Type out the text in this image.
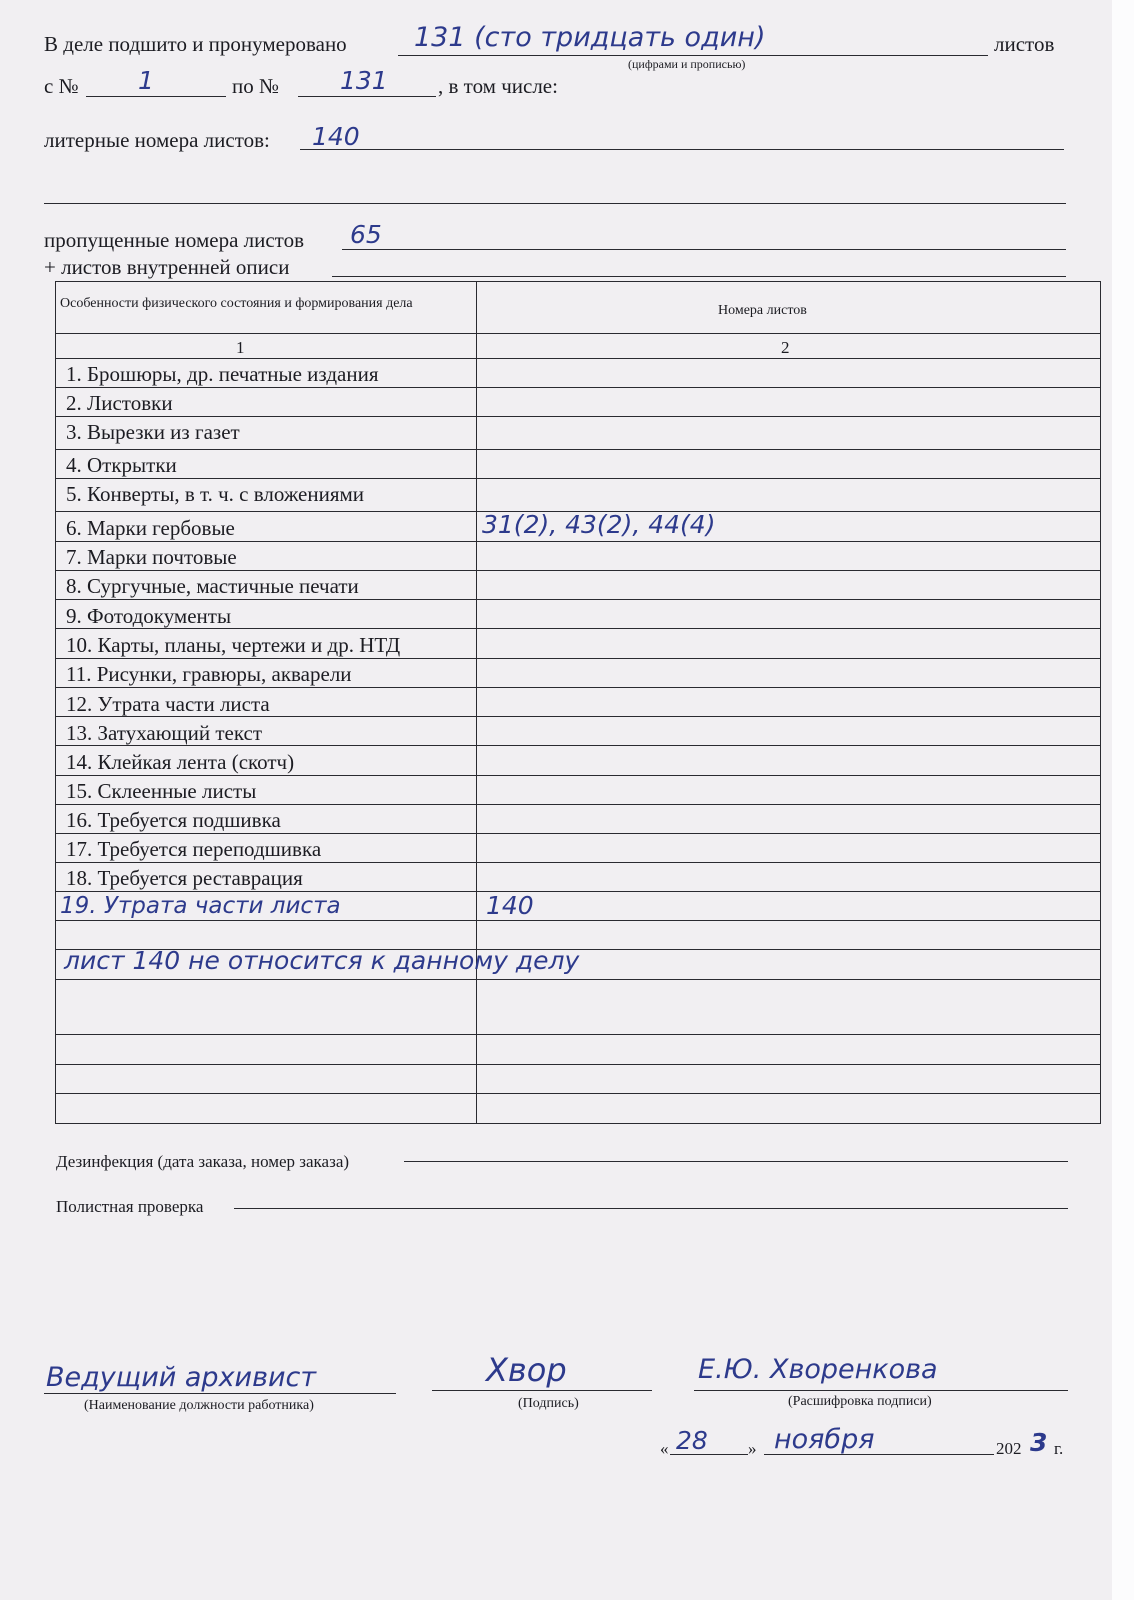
В деле подшито и пронумеровано 131 (сто тридцать один)
(цифрами и прописью)
листов
с № 1	по № 131 , в том числе:
литерные номера листов: 140
пропущенные номера листов 65
+ листов внутренней описи
Особенности физического состояния и формирования дела	Номера листов
1	2
1. Брошюры, др. печатные издания
2. Листовки
3. Вырезки из газет
4. Открытки
5. Конверты, в т. ч. с вложениями
6. Марки гербовые	31(2), 43(2), 44(4)
7. Марки почтовые
8. Сургучные, мастичные печати
9. Фотодокументы
10. Карты, планы, чертежи и др. НТД
11. Рисунки, гравюры, акварели
12. Утрата части листа
13. Затухающий текст
14. Клейкая лента (скотч)
15. Склеенные листы
16. Требуется подшивка
17. Требуется переподшивка
18. Требуется реставрация
19. Утрата части листа	140
лист 140 не относится к данному делу
Дезинфекция (дата заказа, номер заказа)
Полистная проверка
Ведущий архивист
(Наименование должности работника)
Хвор
(Подпись)
Е.Ю. Хворенкова
(Расшифровка подписи)
« 28 » ноября	202 3 г.
